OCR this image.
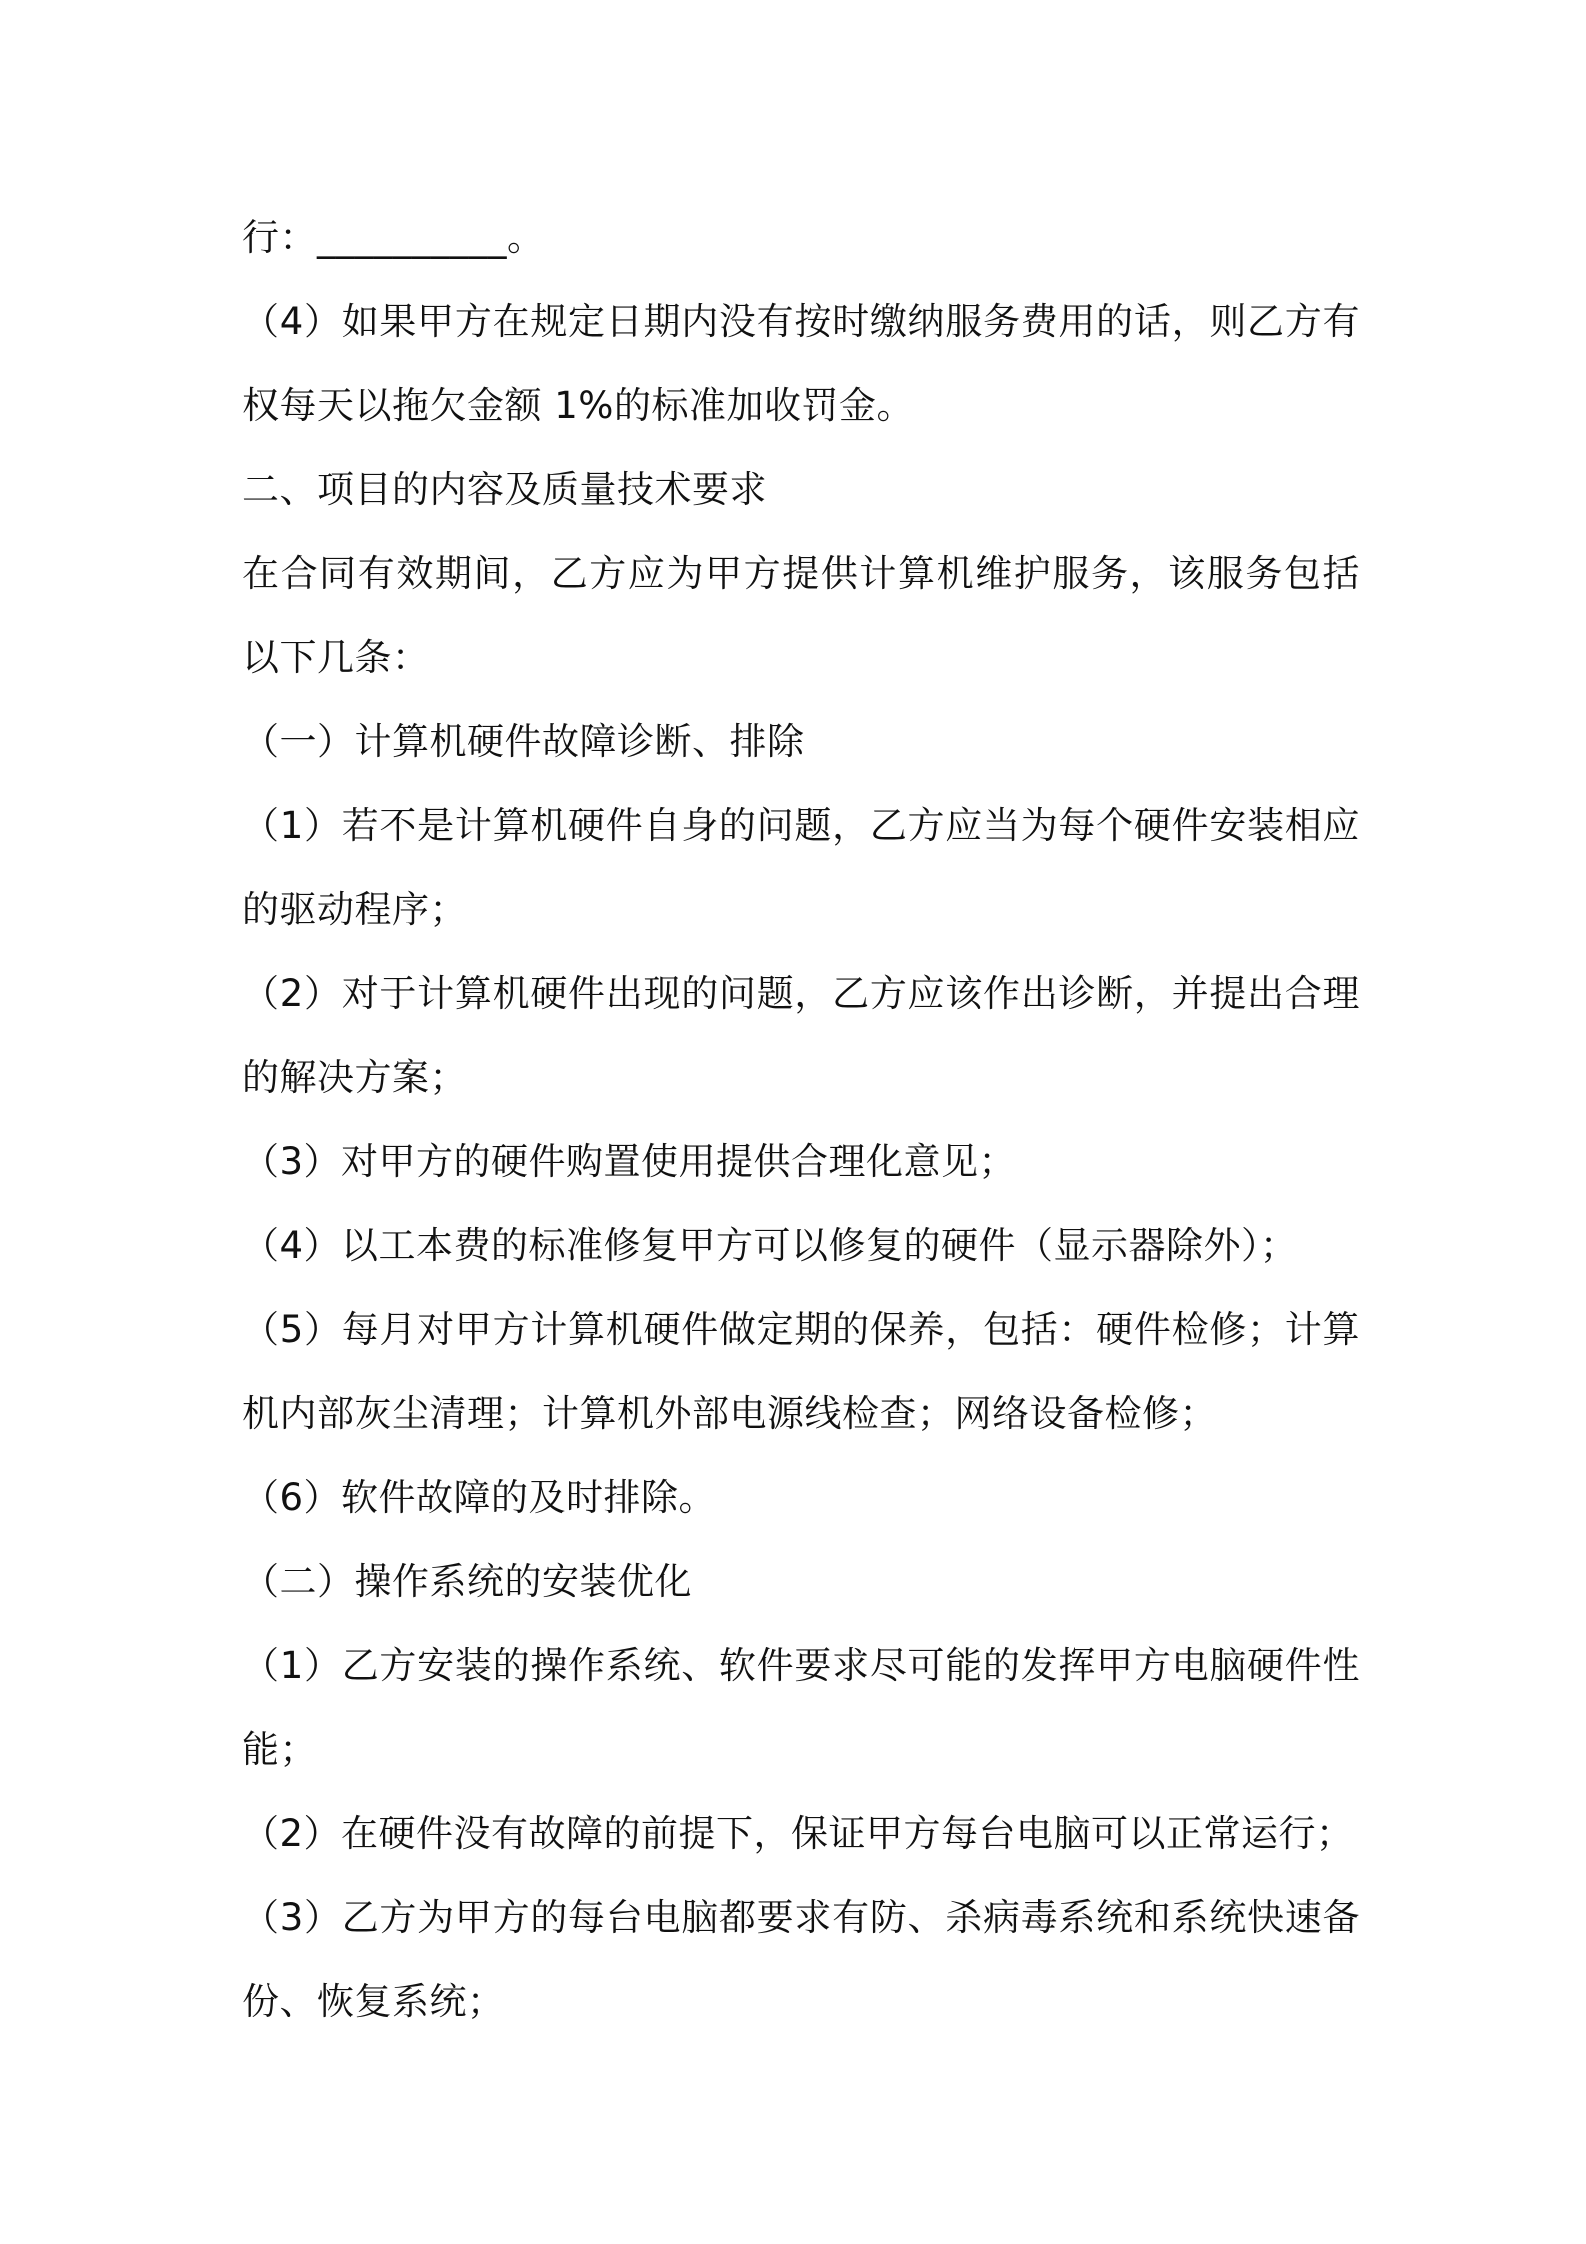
行：__________。

（4）如果甲方在规定日期内没有按时缴纳服务费用的话，则乙方有权每天以拖欠金额 1%的标准加收罚金。

二、项目的内容及质量技术要求

在合同有效期间，乙方应为甲方提供计算机维护服务，该服务包括以下几条：

（一）计算机硬件故障诊断、排除

（1）若不是计算机硬件自身的问题，乙方应当为每个硬件安装相应的驱动程序；

（2）对于计算机硬件出现的问题，乙方应该作出诊断，并提出合理的解决方案；

（3）对甲方的硬件购置使用提供合理化意见；

（4）以工本费的标准修复甲方可以修复的硬件（显示器除外）；

（5）每月对甲方计算机硬件做定期的保养，包括：硬件检修；计算机内部灰尘清理；计算机外部电源线检查；网络设备检修；

（6）软件故障的及时排除。

（二）操作系统的安装优化

（1）乙方安装的操作系统、软件要求尽可能的发挥甲方电脑硬件性能；

（2）在硬件没有故障的前提下，保证甲方每台电脑可以正常运行；

（3）乙方为甲方的每台电脑都要求有防、杀病毒系统和系统快速备份、恢复系统；
